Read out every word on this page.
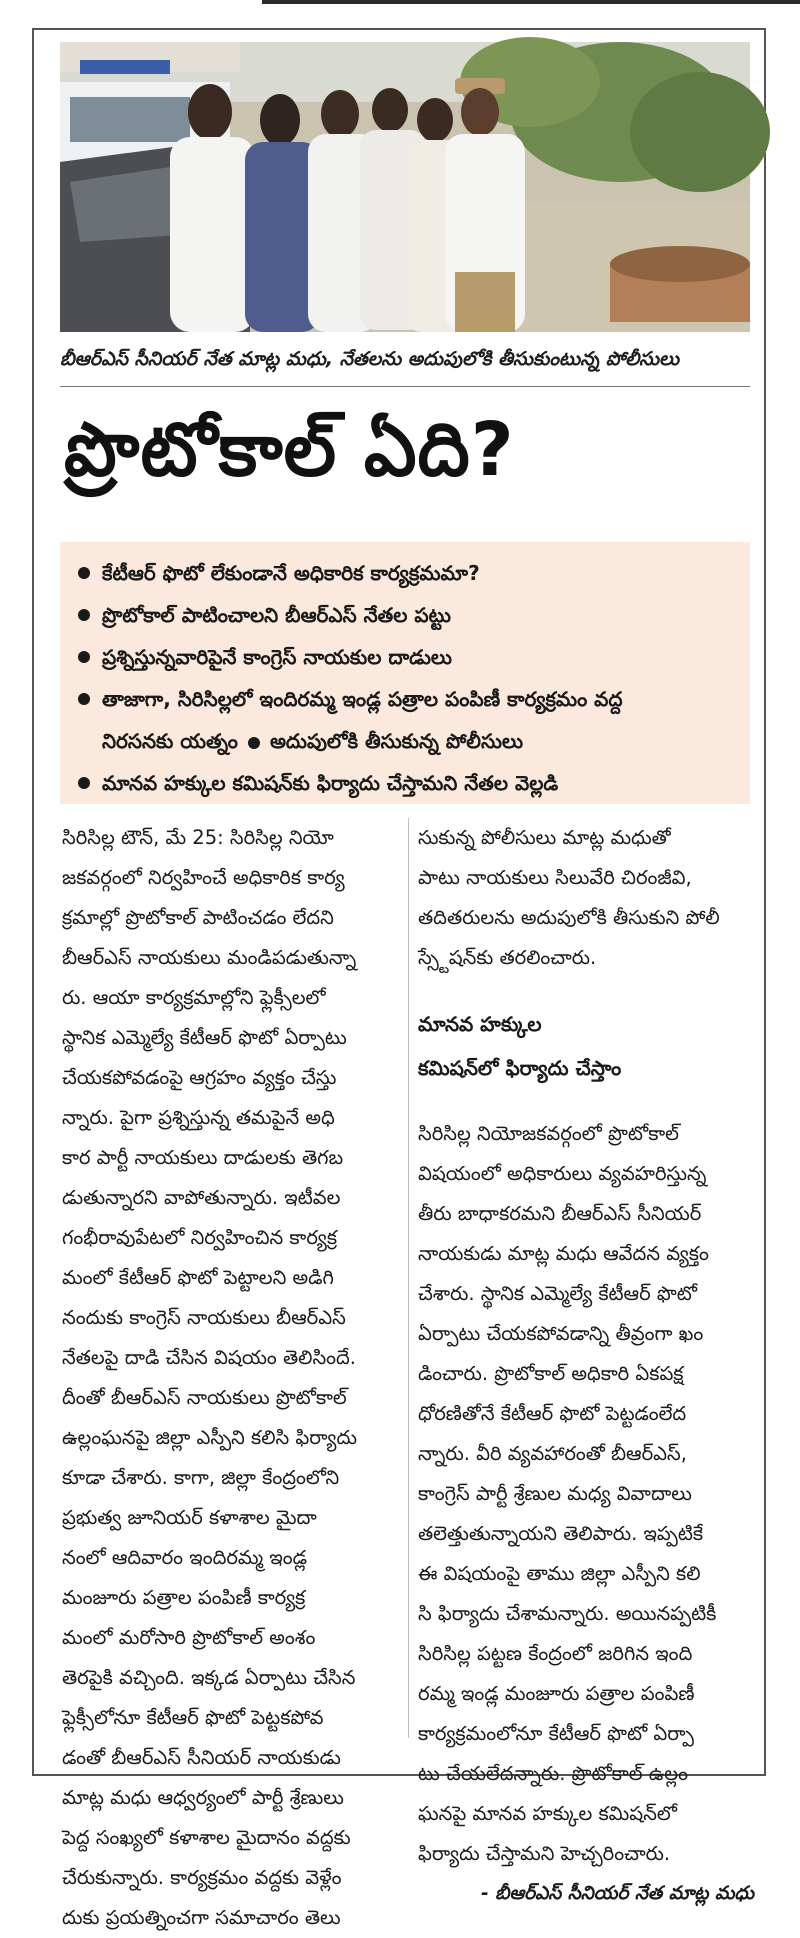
బీఆర్ఎస్ సీనియర్ నేత మాట్ల మధు, నేతలను అదుపులోకి తీసుకుంటున్న పోలీసులు
ప్రొటోకాల్ ఏది?
కేటీఆర్ ఫొటో లేకుండానే అధికారిక కార్యక్రమమా?
ప్రొటోకాల్ పాటించాలని బీఆర్ఎస్ నేతల పట్టు
ప్రశ్నిస్తున్నవారిపైనే కాంగ్రెస్ నాయకుల దాడులు
తాజాగా, సిరిసిల్లలో ఇందిరమ్మ ఇండ్ల పత్రాల పంపిణీ కార్యక్రమం వద్ద
నిరసనకు యత్నం అదుపులోకి తీసుకున్న పోలీసులు
మానవ హక్కుల కమిషన్‌కు ఫిర్యాదు చేస్తామని నేతల వెల్లడి
సిరిసిల్ల టౌన్, మే 25: సిరిసిల్ల నియో
జకవర్గంలో నిర్వహించే అధికారిక కార్య
క్రమాల్లో ప్రొటోకాల్ పాటించడం లేదని
బీఆర్ఎస్ నాయకులు మండిపడుతున్నా
రు. ఆయా కార్యక్రమాల్లోని ఫ్లెక్సీలలో
స్థానిక ఎమ్మెల్యే కేటీఆర్ ఫొటో ఏర్పాటు
చేయకపోవడంపై ఆగ్రహం వ్యక్తం చేస్తు
న్నారు. పైగా ప్రశ్నిస్తున్న తమపైనే అధి
కార పార్టీ నాయకులు దాడులకు తెగబ
డుతున్నారని వాపోతున్నారు. ఇటీవల
గంభీరావుపేటలో నిర్వహించిన కార్యక్ర
మంలో కేటీఆర్ ఫొటో పెట్టాలని అడిగి
నందుకు కాంగ్రెస్ నాయకులు బీఆర్ఎస్
నేతలపై దాడి చేసిన విషయం తెలిసిందే.
దీంతో బీఆర్ఎస్ నాయకులు ప్రొటోకాల్
ఉల్లంఘనపై జిల్లా ఎస్పీని కలిసి ఫిర్యాదు
కూడా చేశారు. కాగా, జిల్లా కేంద్రంలోని
ప్రభుత్వ జూనియర్ కళాశాల మైదా
నంలో ఆదివారం ఇందిరమ్మ ఇండ్ల
మంజూరు పత్రాల పంపిణీ కార్యక్ర
మంలో మరోసారి ప్రొటోకాల్ అంశం
తెరపైకి వచ్చింది. ఇక్కడ ఏర్పాటు చేసిన
ఫ్లెక్సీలోనూ కేటీఆర్ ఫొటో పెట్టకపోవ
డంతో బీఆర్ఎస్ సీనియర్ నాయకుడు
మాట్ల మధు ఆధ్వర్యంలో పార్టీ శ్రేణులు
పెద్ద సంఖ్యలో కళాశాల మైదానం వద్దకు
చేరుకున్నారు. కార్యక్రమం వద్దకు వెళ్లేం
దుకు ప్రయత్నించగా సమాచారం తెలు
సుకున్న పోలీసులు మాట్ల మధుతో
పాటు నాయకులు సిలువేరి చిరంజీవి,
తదితరులను అదుపులోకి తీసుకుని పోలీ
స్స్టేషన్‌కు తరలించారు.
మానవ హక్కుల
కమిషన్‌లో ఫిర్యాదు చేస్తాం
సిరిసిల్ల నియోజకవర్గంలో ప్రొటోకాల్
విషయంలో అధికారులు వ్యవహరిస్తున్న
తీరు బాధాకరమని బీఆర్ఎస్ సీనియర్
నాయకుడు మాట్ల మధు ఆవేదన వ్యక్తం
చేశారు. స్థానిక ఎమ్మెల్యే కేటీఆర్ ఫొటో
ఏర్పాటు చేయకపోవడాన్ని తీవ్రంగా ఖం
డించారు. ప్రొటోకాల్ అధికారి ఏకపక్ష
ధోరణితోనే కేటీఆర్ ఫొటో పెట్టడంలేద
న్నారు. వీరి వ్యవహారంతో బీఆర్ఎస్,
కాంగ్రెస్ పార్టీ శ్రేణుల మధ్య వివాదాలు
తలెత్తుతున్నాయని తెలిపారు. ఇప్పటికే
ఈ విషయంపై తాము జిల్లా ఎస్పీని కలి
సి ఫిర్యాదు చేశామన్నారు. అయినప్పటికీ
సిరిసిల్ల పట్టణ కేంద్రంలో జరిగిన ఇంది
రమ్మ ఇండ్ల మంజూరు పత్రాల పంపిణీ
కార్యక్రమంలోనూ కేటీఆర్ ఫొటో ఏర్పా
టు చేయలేదన్నారు. ప్రొటోకాల్ ఉల్లం
ఘనపై మానవ హక్కుల కమిషన్‌లో
ఫిర్యాదు చేస్తామని హెచ్చరించారు.
- బీఆర్ఎస్ సీనియర్ నేత మాట్ల మధు
